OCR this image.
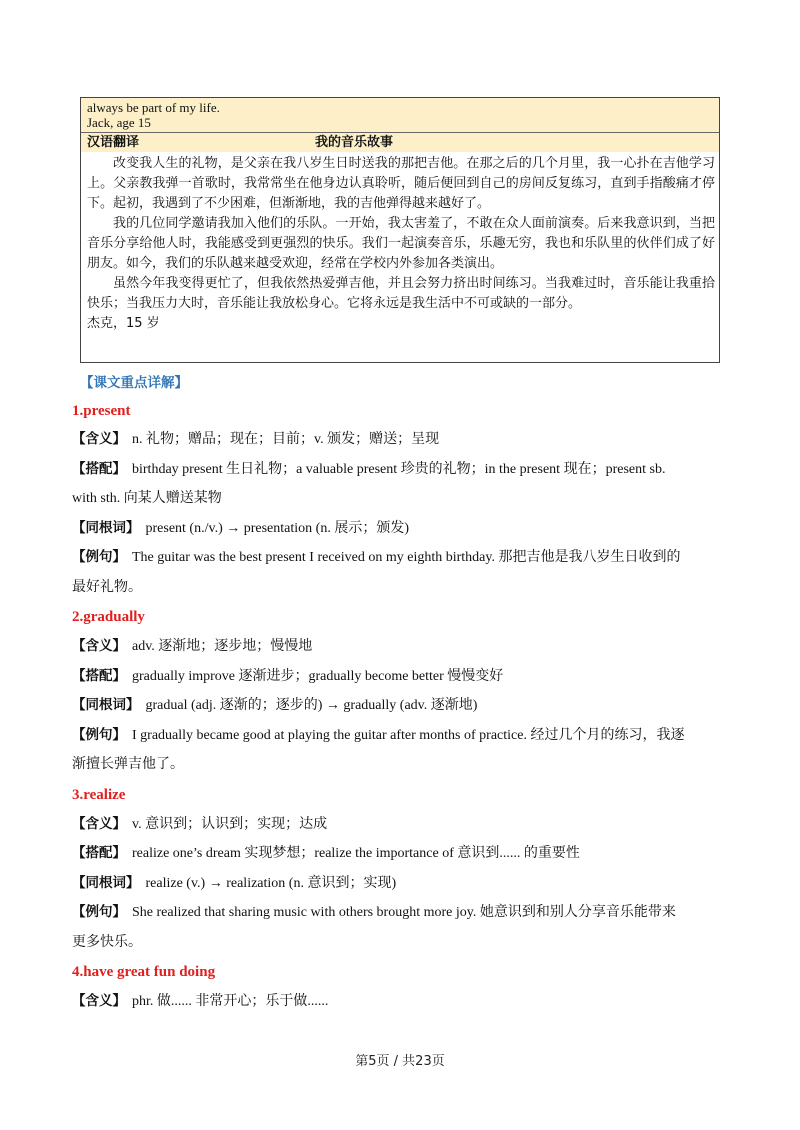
always be part of my life.
Jack, age 15
汉语翻译	我的音乐故事

改变我人生的礼物，是父亲在我八岁生日时送我的那把吉他。在那之后的几个月里，我一心扑在吉他学习上。父亲教我弹一首歌时，我常常坐在他身边认真聆听，随后便回到自己的房间反复练习，直到手指酸痛才停下。起初，我遇到了不少困难，但渐渐地，我的吉他弹得越来越好了。

我的几位同学邀请我加入他们的乐队。一开始，我太害羞了，不敢在众人面前演奏。后来我意识到，当把音乐分享给他人时，我能感受到更强烈的快乐。我们一起演奏音乐，乐趣无穷，我也和乐队里的伙伴们成了好朋友。如今，我们的乐队越来越受欢迎，经常在学校内外参加各类演出。

虽然今年我变得更忙了，但我依然热爱弹吉他，并且会努力挤出时间练习。当我难过时，音乐能让我重拾快乐；当我压力大时，音乐能让我放松身心。它将永远是我生活中不可或缺的一部分。

杰克，15 岁

【课文重点详解】
1.present
【含义】 n. 礼物；赠品；现在；目前；v. 颁发；赠送；呈现
【搭配】 birthday present 生日礼物；a valuable present 珍贵的礼物；in the present 现在；present sb.
with sth. 向某人赠送某物
【同根词】 present (n./v.) → presentation (n. 展示；颁发)
【例句】 The guitar was the best present I received on my eighth birthday. 那把吉他是我八岁生日收到的
最好礼物。
2.gradually
【含义】 adv. 逐渐地；逐步地；慢慢地
【搭配】 gradually improve 逐渐进步；gradually become better 慢慢变好
【同根词】 gradual (adj. 逐渐的；逐步的) → gradually (adv. 逐渐地)
【例句】 I gradually became good at playing the guitar after months of practice. 经过几个月的练习，我逐
渐擅长弹吉他了。
3.realize
【含义】 v. 意识到；认识到；实现；达成
【搭配】 realize one’s dream 实现梦想；realize the importance of 意识到...... 的重要性
【同根词】 realize (v.) → realization (n. 意识到；实现)
【例句】 She realized that sharing music with others brought more joy. 她意识到和别人分享音乐能带来
更多快乐。
4.have great fun doing
【含义】 phr. 做...... 非常开心；乐于做......
第5页 / 共23页
